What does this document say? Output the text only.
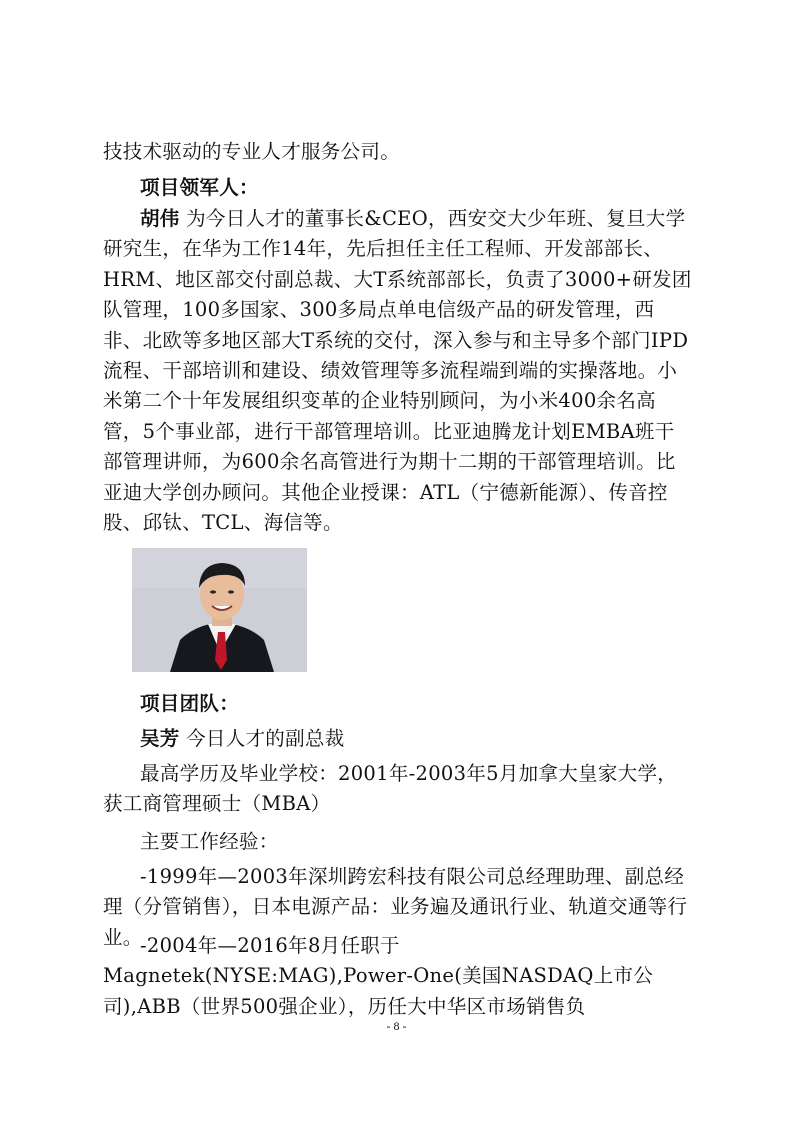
技技术驱动的专业人才服务公司。

项目领军人：

胡伟 为今日人才的董事长&CEO，西安交大少年班、复旦大学研究生，在华为工作14年，先后担任主任工程师、开发部部长、HRM、地区部交付副总裁、大T系统部部长，负责了3000+研发团队管理，100多国家、300多局点单电信级产品的研发管理，西非、北欧等多地区部大T系统的交付，深入参与和主导多个部门IPD流程、干部培训和建设、绩效管理等多流程端到端的实操落地。小米第二个十年发展组织变革的企业特别顾问，为小米400余名高管，5个事业部，进行干部管理培训。比亚迪腾龙计划EMBA班干部管理讲师，为600余名高管进行为期十二期的干部管理培训。比亚迪大学创办顾问。其他企业授课：ATL（宁德新能源）、传音控股、邱钛、TCL、海信等。

项目团队：

吴芳 今日人才的副总裁

最高学历及毕业学校：2001年-2003年5月加拿大皇家大学，获工商管理硕士（MBA）

主要工作经验：

-1999年—2003年深圳跨宏科技有限公司总经理助理、副总经理（分管销售），日本电源产品：业务遍及通讯行业、轨道交通等行业。

-2004年—2016年8月任职于Magnetek(NYSE:MAG),Power-One(美国NASDAQ上市公司),ABB（世界500强企业），历任大中华区市场销售负

- 8 -
